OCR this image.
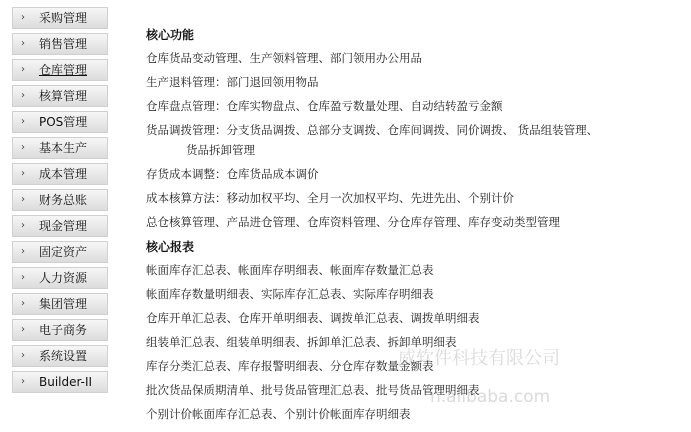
› 采购管理
› 销售管理
› 仓库管理
› 核算管理
› POS管理
› 基本生产
› 成本管理
› 财务总账
› 现金管理
› 固定资产
› 人力资源
› 集团管理
› 电子商务
› 系统设置
› Builder-II
核心功能
仓库货品变动管理、生产领料管理、部门领用办公用品
生产退料管理：部门退回领用物品
仓库盘点管理：仓库实物盘点、仓库盈亏数量处理、自动结转盈亏金额
货品调拨管理：分支货品调拨、总部分支调拨、仓库间调拨、同价调拨、 货品组装管理、
货品拆卸管理
存货成本调整：仓库货品成本调价
成本核算方法：移动加权平均、全月一次加权平均、先进先出、个别计价
总仓核算管理、产品进仓管理、仓库资料管理、分仓库存管理、库存变动类型管理
核心报表
帐面库存汇总表、帐面库存明细表、帐面库存数量汇总表
帐面库存数量明细表、实际库存汇总表、实际库存明细表
仓库开单汇总表、仓库开单明细表、调拨单汇总表、调拨单明细表
组装单汇总表、组装单明细表、拆卸单汇总表、拆卸单明细表
库存分类汇总表、库存报警明细表、分仓库存数量金额表
批次货品保质期清单、批号货品管理汇总表、批号货品管理明细表
个别计价帐面库存汇总表、个别计价帐面库存明细表
威软件科技有限公司
n.alibaba.com
